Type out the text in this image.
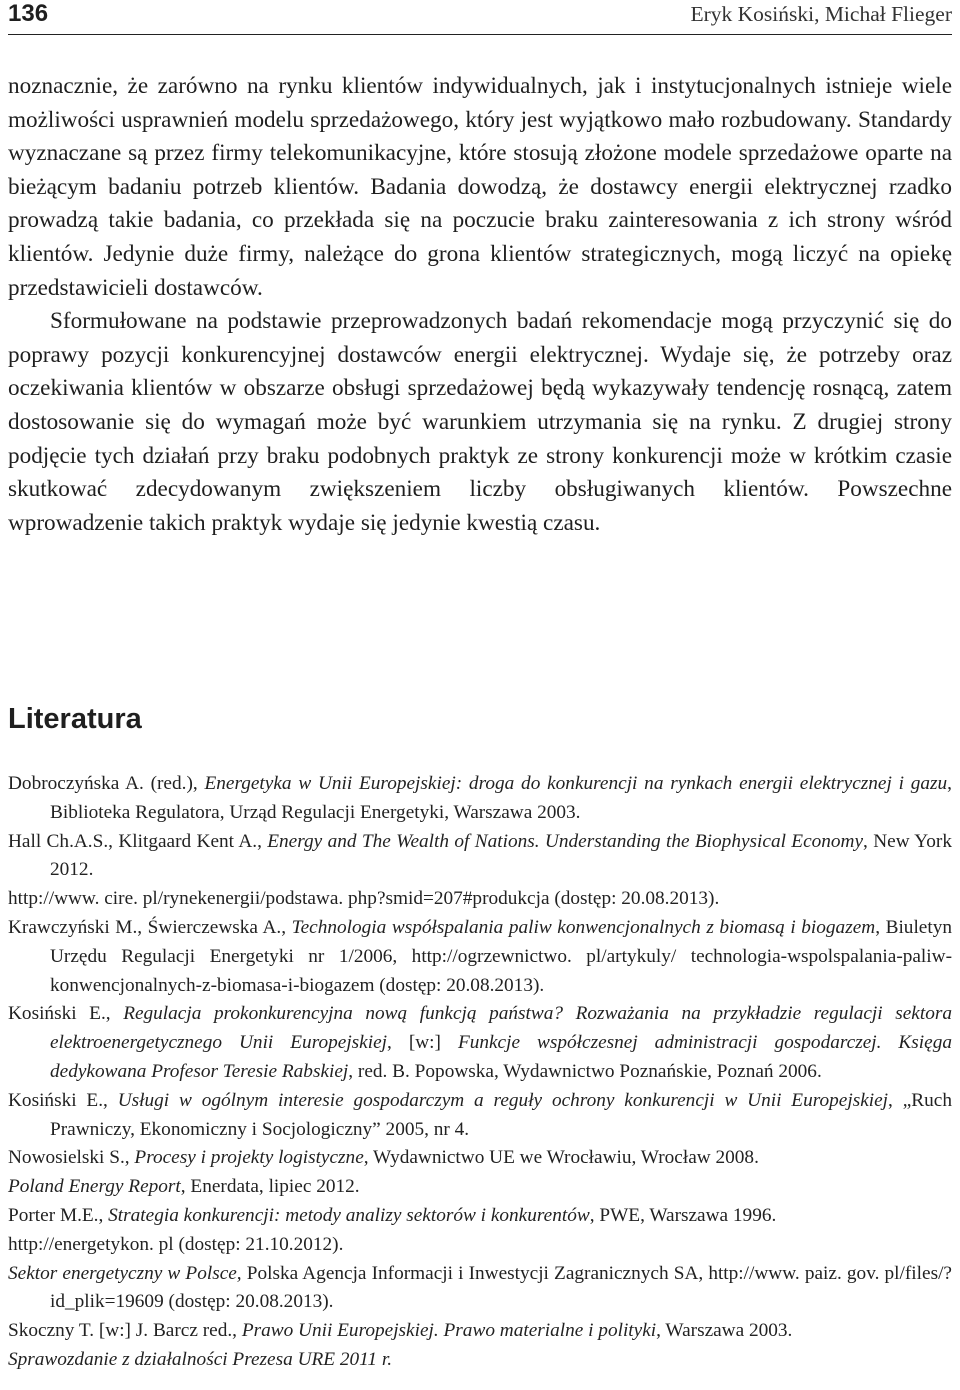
136	Eryk Kosiński, Michał Flieger

noznacznie, że zarówno na rynku klientów indywidualnych, jak i instytucjonalnych istnieje wiele możliwości usprawnień modelu sprzedażowego, który jest wyjątkowo mało rozbudowany. Standardy wyznaczane są przez firmy telekomunikacyjne, które stosują złożone modele sprzedażowe oparte na bieżącym badaniu potrzeb klientów. Badania dowodzą, że dostawcy energii elektrycznej rzadko prowadzą takie badania, co przekłada się na poczucie braku zainteresowania z ich strony wśród klientów. Jedynie duże firmy, należące do grona klientów strategicznych, mogą liczyć na opiekę przedstawicieli dostawców.

Sformułowane na podstawie przeprowadzonych badań rekomendacje mogą przyczynić się do poprawy pozycji konkurencyjnej dostawców energii elektrycznej. Wydaje się, że potrzeby oraz oczekiwania klientów w obszarze obsługi sprzedażowej będą wykazywały tendencję rosnącą, zatem dostosowanie się do wymagań może być warunkiem utrzymania się na rynku. Z drugiej strony podjęcie tych działań przy braku podobnych praktyk ze strony konkurencji może w krótkim czasie skutkować zdecydowanym zwiększeniem liczby obsługiwanych klientów. Powszechne wprowadzenie takich praktyk wydaje się jedynie kwestią czasu.

Literatura

Dobroczyńska A. (red.), Energetyka w Unii Europejskiej: droga do konkurencji na rynkach energii elektrycznej i gazu, Biblioteka Regulatora, Urząd Regulacji Energetyki, Warszawa 2003.

Hall Ch.A.S., Klitgaard Kent A., Energy and The Wealth of Nations. Understanding the Biophysical Economy, New York 2012.

http://www. cire. pl/rynekenergii/podstawa. php?smid=207#produkcja (dostęp: 20.08.2013).

Krawczyński M., Świerczewska A., Technologia współspalania paliw konwencjonalnych z biomasą i biogazem, Biuletyn Urzędu Regulacji Energetyki nr 1/2006, http://ogrzewnictwo. pl/artykuly/ technologia-wspolspalania-paliw-konwencjonalnych-z-biomasa-i-biogazem (dostęp: 20.08.2013).

Kosiński E., Regulacja prokonkurencyjna nową funkcją państwa? Rozważania na przykładzie regulacji sektora elektroenergetycznego Unii Europejskiej, [w:] Funkcje współczesnej administracji gospodarczej. Księga dedykowana Profesor Teresie Rabskiej, red. B. Popowska, Wydawnictwo Poznańskie, Poznań 2006.

Kosiński E., Usługi w ogólnym interesie gospodarczym a reguły ochrony konkurencji w Unii Europejskiej, „Ruch Prawniczy, Ekonomiczny i Socjologiczny” 2005, nr 4.

Nowosielski S., Procesy i projekty logistyczne, Wydawnictwo UE we Wrocławiu, Wrocław 2008.

Poland Energy Report, Enerdata, lipiec 2012.

Porter M.E., Strategia konkurencji: metody analizy sektorów i konkurentów, PWE, Warszawa 1996.

http://energetykon. pl (dostęp: 21.10.2012).

Sektor energetyczny w Polsce, Polska Agencja Informacji i Inwestycji Zagranicznych SA, http://www. paiz. gov. pl/files/?id_plik=19609 (dostęp: 20.08.2013).

Skoczny T. [w:] J. Barcz red., Prawo Unii Europejskiej. Prawo materialne i polityki, Warszawa 2003.

Sprawozdanie z działalności Prezesa URE 2011 r.
